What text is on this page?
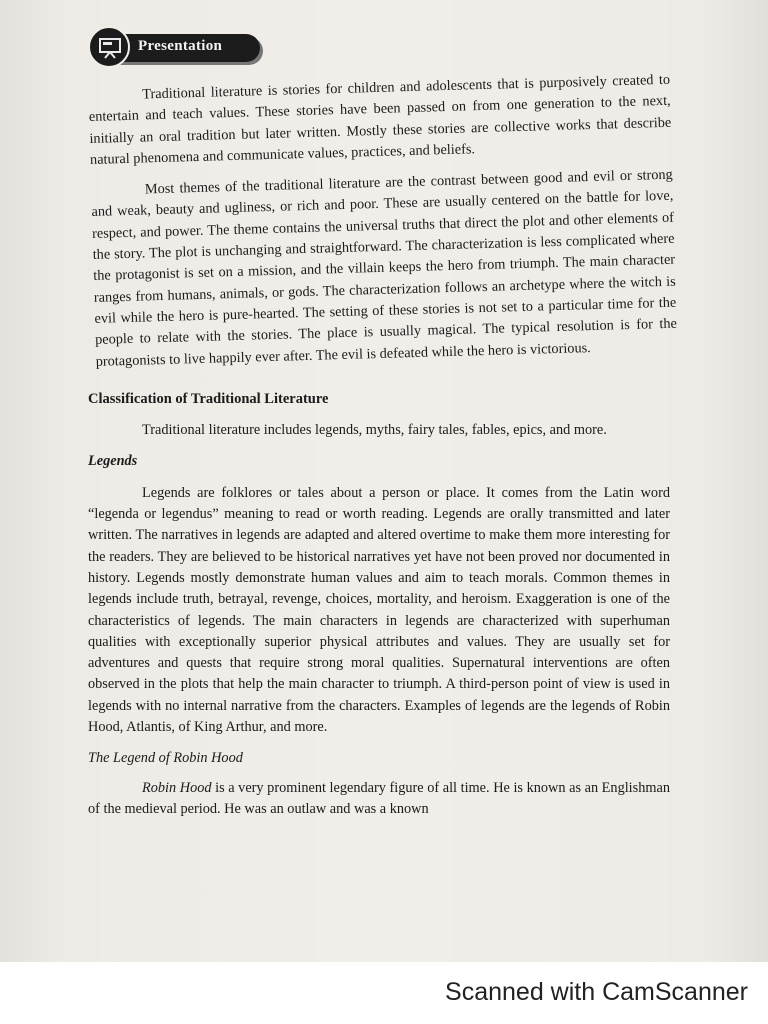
Presentation

Traditional literature is stories for children and adolescents that is purposively created to entertain and teach values. These stories have been passed on from one generation to the next, initially an oral tradition but later written. Mostly these stories are collective works that describe natural phenomena and communicate values, practices, and beliefs.

Most themes of the traditional literature are the contrast between good and evil or strong and weak, beauty and ugliness, or rich and poor. These are usually centered on the battle for love, respect, and power. The theme contains the universal truths that direct the plot and other elements of the story. The plot is unchanging and straightforward. The characterization is less complicated where the protagonist is set on a mission, and the villain keeps the hero from triumph. The main character ranges from humans, animals, or gods. The characterization follows an archetype where the witch is evil while the hero is pure-hearted. The setting of these stories is not set to a particular time for the people to relate with the stories. The place is usually magical. The typical resolution is for the protagonists to live happily ever after. The evil is defeated while the hero is victorious.

Classification of Traditional Literature

Traditional literature includes legends, myths, fairy tales, fables, epics, and more.

Legends

Legends are folklores or tales about a person or place. It comes from the Latin word “legenda or legendus” meaning to read or worth reading. Legends are orally transmitted and later written. The narratives in legends are adapted and altered overtime to make them more interesting for the readers. They are believed to be historical narratives yet have not been proved nor documented in history. Legends mostly demonstrate human values and aim to teach morals. Common themes in legends include truth, betrayal, revenge, choices, mortality, and heroism. Exaggeration is one of the characteristics of legends. The main characters in legends are characterized with superhuman qualities with exceptionally superior physical attributes and values. They are usually set for adventures and quests that require strong moral qualities. Supernatural interventions are often observed in the plots that help the main character to triumph. A third-person point of view is used in legends with no internal narrative from the characters. Examples of legends are the legends of Robin Hood, Atlantis, of King Arthur, and more.

The Legend of Robin Hood

Robin Hood is a very prominent legendary figure of all time. He is known as an Englishman of the medieval period. He was an outlaw and was a known

Scanned with CamScanner
